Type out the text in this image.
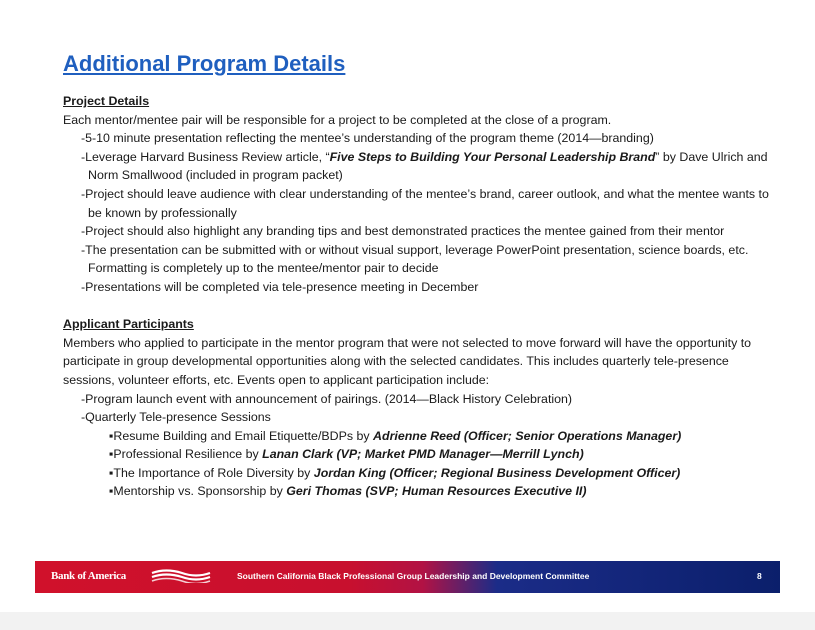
Additional Program Details
Project Details

Each mentor/mentee pair will be responsible for a project to be completed at the close of a program.

-5-10 minute presentation reflecting the mentee’s understanding of the program theme (2014—branding)

-Leverage Harvard Business Review article, “Five Steps to Building Your Personal Leadership Brand” by Dave Ulrich and Norm Smallwood (included in program packet)

-Project should leave audience with clear understanding of the mentee’s brand, career outlook, and what the mentee wants to be known by professionally

-Project should also highlight any branding tips and best demonstrated practices the mentee gained from their mentor

-The presentation can be submitted with or without visual support, leverage PowerPoint presentation, science boards, etc. Formatting is completely up to the mentee/mentor pair to decide

-Presentations will be completed via tele-presence meeting in December

Applicant Participants

Members who applied to participate in the mentor program that were not selected to move forward will have the opportunity to participate in group developmental opportunities along with the selected candidates. This includes quarterly tele-presence sessions, volunteer efforts, etc. Events open to applicant participation include:

-Program launch event with announcement of pairings. (2014—Black History Celebration)

-Quarterly Tele-presence Sessions

▪Resume Building and Email Etiquette/BDPs by Adrienne Reed (Officer; Senior Operations Manager)

▪Professional Resilience by Lanan Clark (VP; Market PMD Manager—Merrill Lynch)

▪The Importance of Role Diversity by Jordan King (Officer; Regional Business Development Officer)

▪Mentorship vs. Sponsorship by Geri Thomas (SVP; Human Resources Executive II)

Bank of America	Southern California Black Professional Group Leadership and Development Committee	8
